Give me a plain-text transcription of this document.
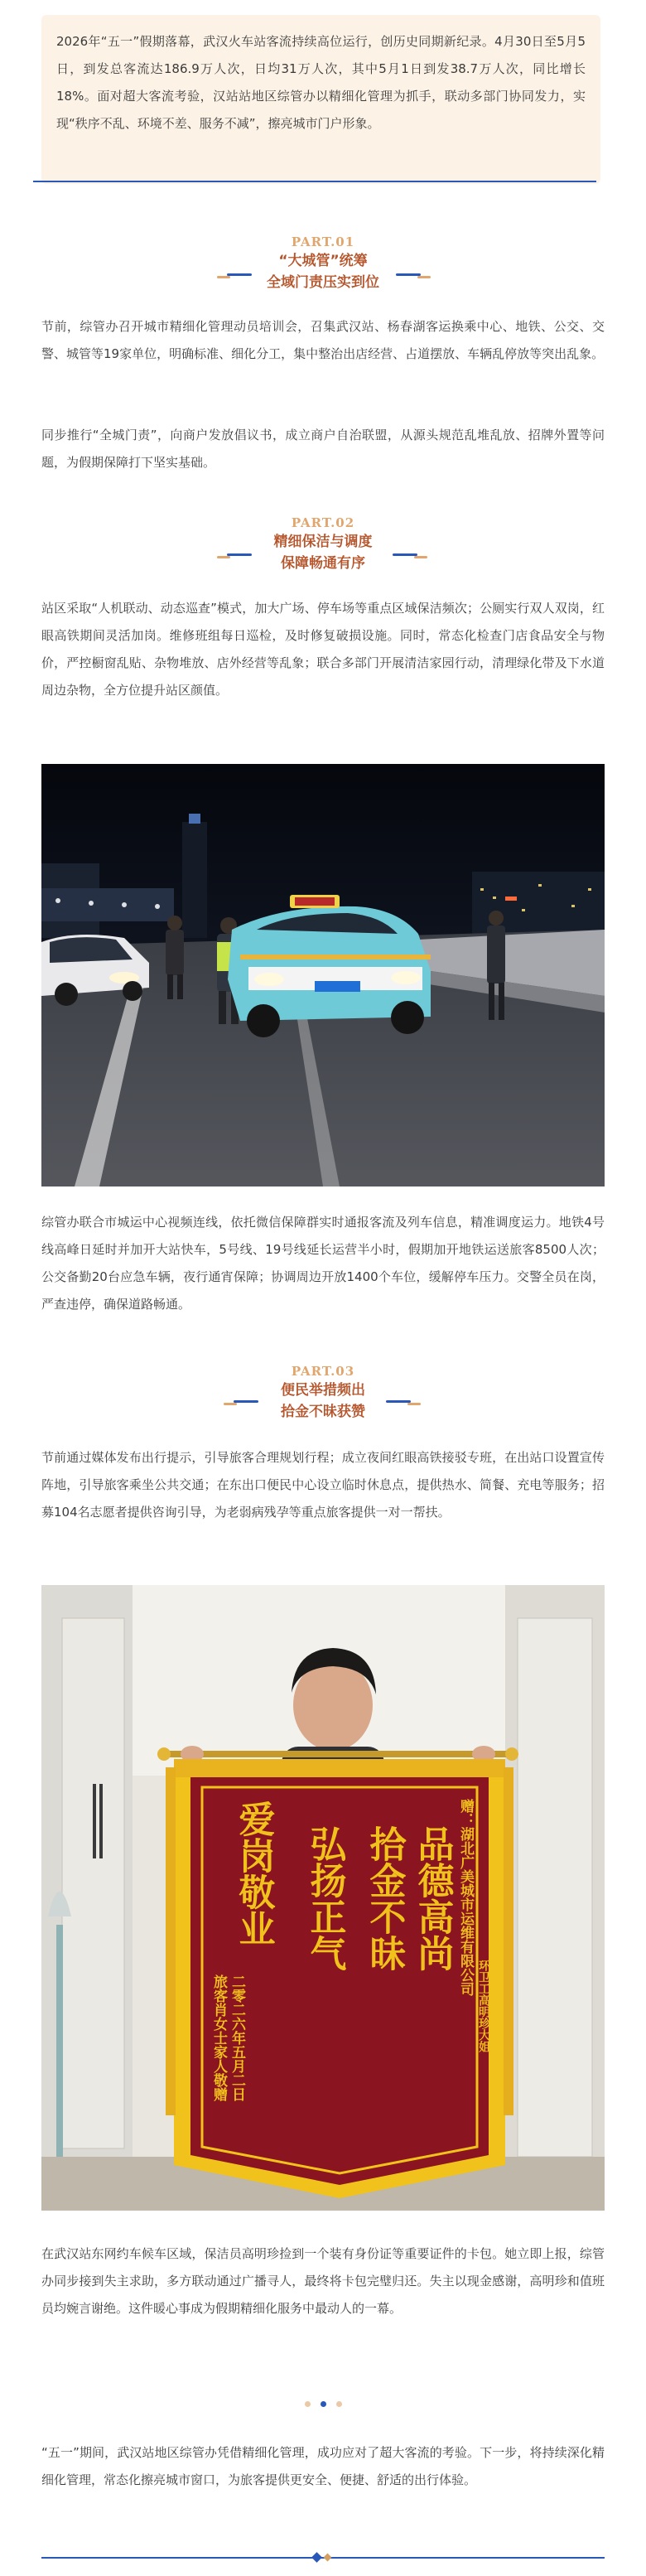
2026年“五一”假期落幕，武汉火车站客流持续高位运行，创历史同期新纪录。4月30日至5月5日，到发总客流达186.9万人次，日均31万人次，其中5月1日到发38.7万人次，同比增长18%。面对超大客流考验，汉站站地区综管办以精细化管理为抓手，联动多部门协同发力，实现“秩序不乱、环境不差、服务不减”，擦亮城市门户形象。

PART.01
“大城管”统筹
全域门责压实到位

节前，综管办召开城市精细化管理动员培训会，召集武汉站、杨春湖客运换乘中心、地铁、公交、交警、城管等19家单位，明确标准、细化分工，集中整治出店经营、占道摆放、车辆乱停放等突出乱象。

同步推行“全城门责”，向商户发放倡议书，成立商户自治联盟，从源头规范乱堆乱放、招牌外置等问题，为假期保障打下坚实基础。

PART.02
精细保洁与调度
保障畅通有序

站区采取“人机联动、动态巡查”模式，加大广场、停车场等重点区域保洁频次；公厕实行双人双岗，红眼高铁期间灵活加岗。维修班组每日巡检，及时修复破损设施。同时，常态化检查门店食品安全与物价，严控橱窗乱贴、杂物堆放、店外经营等乱象；联合多部门开展清洁家园行动，清理绿化带及下水道周边杂物，全方位提升站区颜值。

综管办联合市城运中心视频连线，依托微信保障群实时通报客流及列车信息，精准调度运力。地铁4号线高峰日延时并加开大站快车，5号线、19号线延长运营半小时，假期加开地铁运送旅客8500人次；公交备勤20台应急车辆，夜行通宵保障；协调周边开放1400个车位，缓解停车压力。交警全员在岗，严查违停，确保道路畅通。

PART.03
便民举措频出
拾金不昧获赞

节前通过媒体发布出行提示，引导旅客合理规划行程；成立夜间红眼高铁接驳专班，在出站口设置宣传阵地，引导旅客乘坐公共交通；在东出口便民中心设立临时休息点，提供热水、简餐、充电等服务；招募104名志愿者提供咨询引导，为老弱病残孕等重点旅客提供一对一帮扶。

拾金不昧 品德高尚
爱岗敬业 弘扬正气	赠：湖北广美城市运维有限公司
环卫工高明珍大姐
旅客肖女士家人敬赠 二零二六年五月二日

在武汉站东网约车候车区域，保洁员高明珍捡到一个装有身份证等重要证件的卡包。她立即上报，综管办同步接到失主求助，多方联动通过广播寻人，最终将卡包完璧归还。失主以现金感谢，高明珍和值班员均婉言谢绝。这件暖心事成为假期精细化服务中最动人的一幕。

“五一”期间，武汉站地区综管办凭借精细化管理，成功应对了超大客流的考验。下一步，将持续深化精细化管理，常态化擦亮城市窗口，为旅客提供更安全、便捷、舒适的出行体验。
